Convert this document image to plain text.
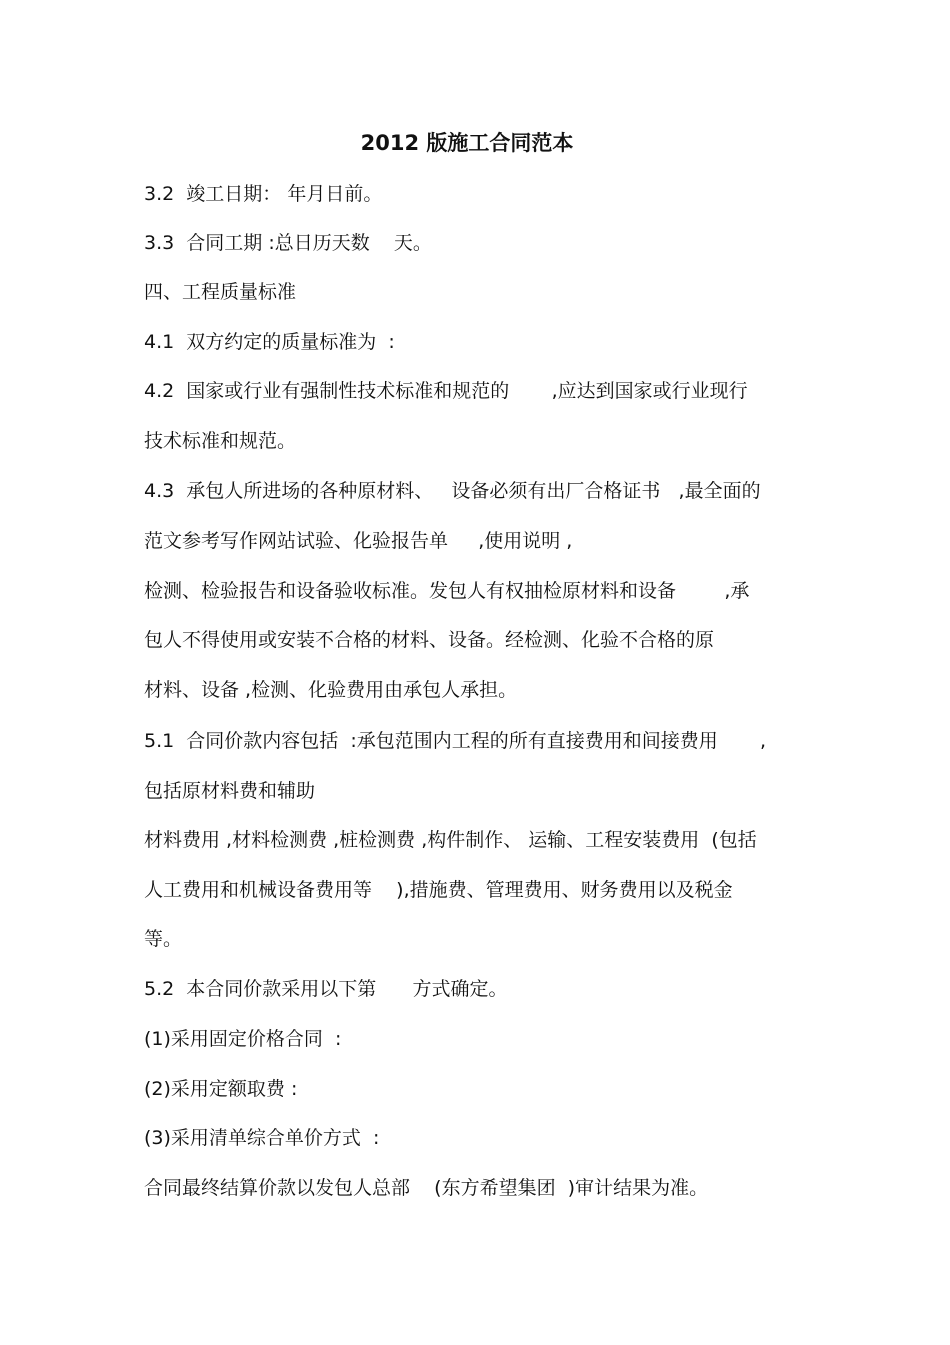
2012 版施工合同范本
3.2  竣工日期： 年月日前。
3.3  合同工期 :总日历天数    天。
四、工程质量标准
4.1  双方约定的质量标准为  :
4.2  国家或行业有强制性技术标准和规范的       ,应达到国家或行业现行
技术标准和规范。
4.3  承包人所进场的各种原材料、   设备必须有出厂合格证书   ,最全面的
范文参考写作网站试验、化验报告单     ,使用说明 ,
检测、检验报告和设备验收标准。发包人有权抽检原材料和设备        ,承
包人不得使用或安装不合格的材料、设备。经检测、化验不合格的原
材料、设备 ,检测、化验费用由承包人承担。
5.1  合同价款内容包括  :承包范围内工程的所有直接费用和间接费用       ,
包括原材料费和辅助
材料费用 ,材料检测费 ,桩检测费 ,构件制作、 运输、工程安装费用  (包括
人工费用和机械设备费用等    ),措施费、管理费用、财务费用以及税金
等。
5.2  本合同价款采用以下第      方式确定。
(1)采用固定价格合同  :
(2)采用定额取费 :
(3)采用清单综合单价方式  :
合同最终结算价款以发包人总部    (东方希望集团  )审计结果为准。
